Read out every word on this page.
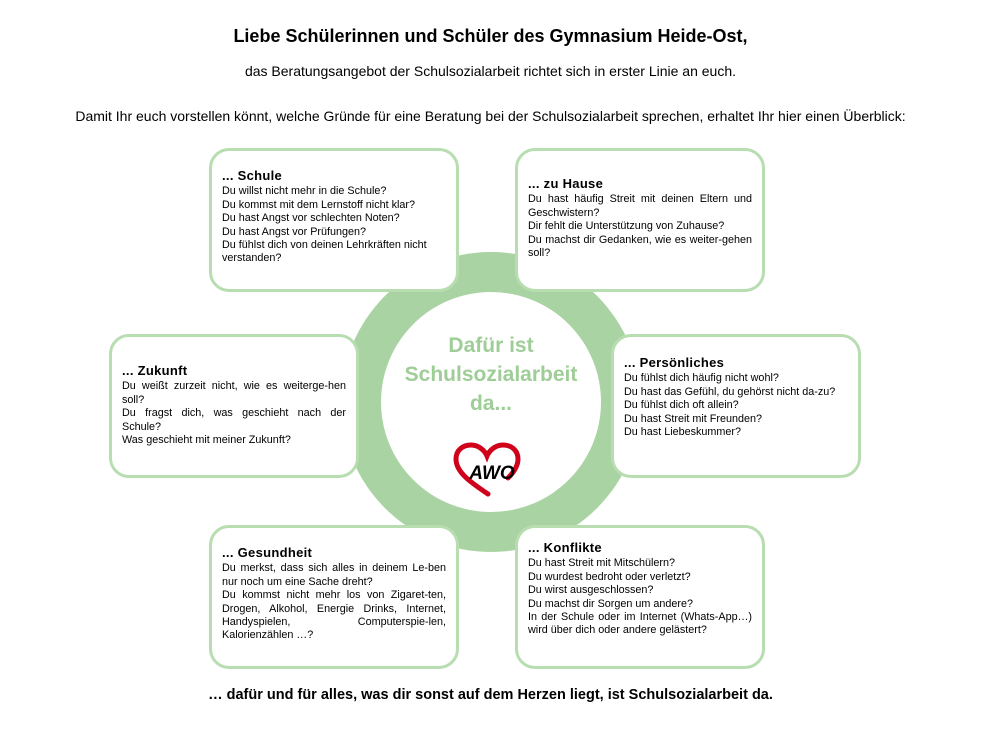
Liebe Schülerinnen und Schüler des Gymnasium Heide-Ost,
das Beratungsangebot der Schulsozialarbeit richtet sich in erster Linie an euch.
Damit Ihr euch vorstellen könnt, welche Gründe für eine Beratung bei der Schulsozialarbeit sprechen, erhaltet Ihr hier einen Überblick:
Dafür ist
Schulsozialarbeit
da...
AWO
... Schule

Du willst nicht mehr in die Schule?

Du kommst mit dem Lernstoff nicht klar?

Du hast Angst vor schlechten Noten?

Du hast Angst vor Prüfungen?

Du fühlst dich von deinen Lehrkräften nicht verstanden?

... zu Hause

Du hast häufig Streit mit deinen Eltern und Geschwistern?

Dir fehlt die Unterstützung von Zuhause?

Du machst dir Gedanken, wie es weiter-gehen soll?

... Zukunft

Du weißt zurzeit nicht, wie es weiterge-hen soll?

Du fragst dich, was geschieht nach der Schule?

Was geschieht mit meiner Zukunft?

... Persönliches

Du fühlst dich häufig nicht wohl?

Du hast das Gefühl, du gehörst nicht da-zu?

Du fühlst dich oft allein?

Du hast Streit mit Freunden?

Du hast Liebeskummer?

... Gesundheit

Du merkst, dass sich alles in deinem Le-ben nur noch um eine Sache dreht?

Du kommst nicht mehr los von Zigaret-ten, Drogen, Alkohol, Energie Drinks, Internet, Handyspielen, Computerspie-len, Kalorienzählen …?

... Konflikte

Du hast Streit mit Mitschülern?

Du wurdest bedroht oder verletzt?

Du wirst ausgeschlossen?

Du machst dir Sorgen um andere?

In der Schule oder im Internet (Whats-App…) wird über dich oder andere gelästert?

… dafür und für alles, was dir sonst auf dem Herzen liegt, ist Schulsozialarbeit da.
